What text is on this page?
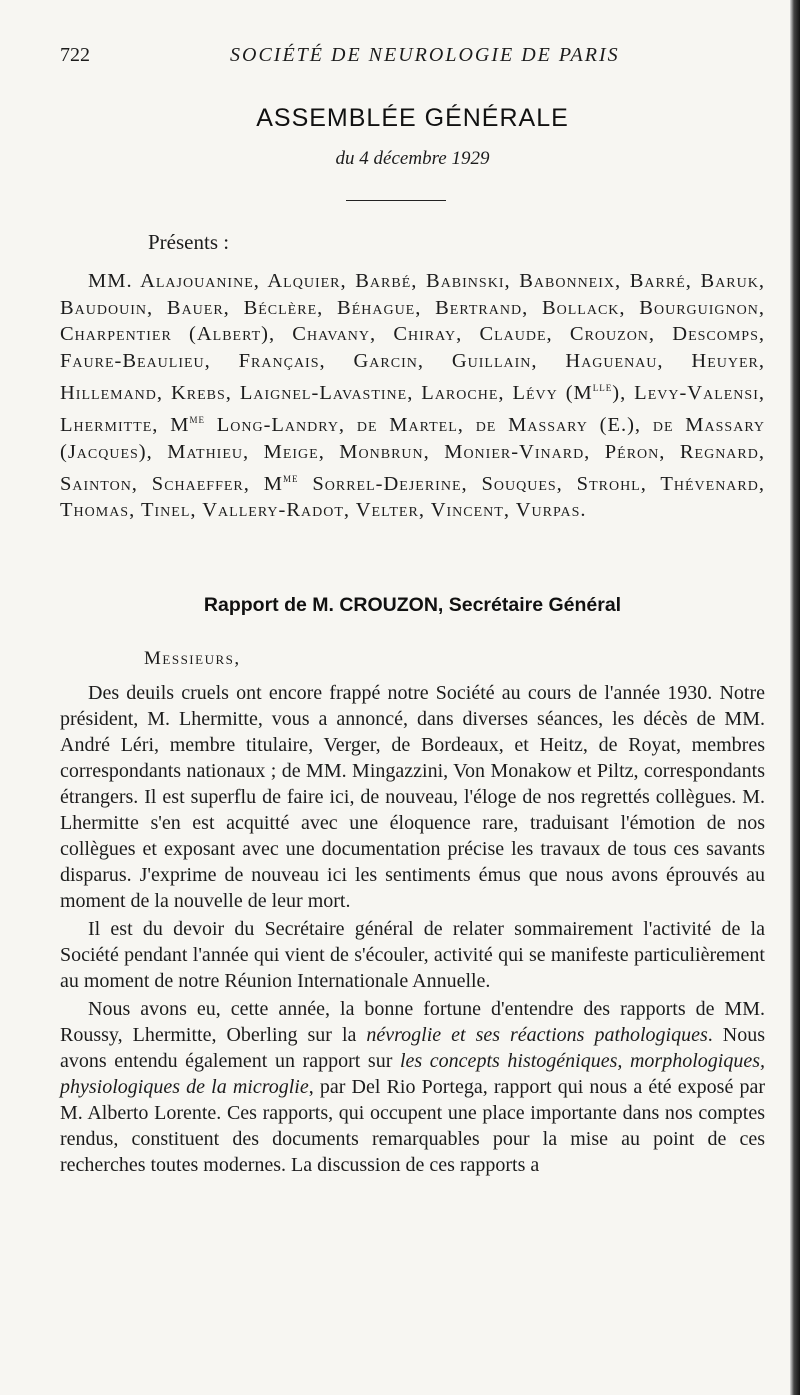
722	SOCIÉTÉ DE NEUROLOGIE DE PARIS
ASSEMBLÉE GÉNÉRALE
du 4 décembre 1929
Présents :
MM. Alajouanine, Alquier, Barbé, Babinski, Babonneix, Barré, Baruk, Baudouin, Bauer, Béclère, Béhague, Bertrand, Bollack, Bourguignon, Charpentier (Albert), Chavany, Chiray, Claude, Crouzon, Descomps, Faure-Beaulieu, Français, Garcin, Guillain, Haguenau, Heuyer, Hillemand, Krebs, Laignel-Lavastine, Laroche, Lévy $(M^{lle})$, Levy-Valensi, Lhermitte, $M^{me}$ Long-Landry, de Martel, de Massary (E.), de Massary (Jacques), Mathieu, Meige, Monbrun, Monier-Vinard, Péron, Regnard, Sainton, Schaeffer, $M^{me}$ Sorrel-Dejerine, Souques, Strohl, Thévenard, Thomas, Tinel, Vallery-Radot, Velter, Vincent, Vurpas.
Rapport de M. CROUZON, Secrétaire Général
Messieurs,

Des deuils cruels ont encore frappé notre Société au cours de l'année 1930. Notre président, M. Lhermitte, vous a annoncé, dans diverses séances, les décès de MM. André Léri, membre titulaire, Verger, de Bordeaux, et Heitz, de Royat, membres correspondants nationaux ; de MM. Mingazzini, Von Monakow et Piltz, correspondants étrangers. Il est superflu de faire ici, de nouveau, l'éloge de nos regrettés collègues. M. Lhermitte s'en est acquitté avec une éloquence rare, traduisant l'émotion de nos collègues et exposant avec une documentation précise les travaux de tous ces savants disparus. J'exprime de nouveau ici les sentiments émus que nous avons éprouvés au moment de la nouvelle de leur mort.

Il est du devoir du Secrétaire général de relater sommairement l'activité de la Société pendant l'année qui vient de s'écouler, activité qui se manifeste particulièrement au moment de notre Réunion Internationale Annuelle.

Nous avons eu, cette année, la bonne fortune d'entendre des rapports de MM. Roussy, Lhermitte, Oberling sur la névroglie et ses réactions pathologiques. Nous avons entendu également un rapport sur les concepts histogéniques, morphologiques, physiologiques de la microglie, par Del Rio Portega, rapport qui nous a été exposé par M. Alberto Lorente. Ces rapports, qui occupent une place importante dans nos comptes rendus, constituent des documents remarquables pour la mise au point de ces recherches toutes modernes. La discussion de ces rapports a
